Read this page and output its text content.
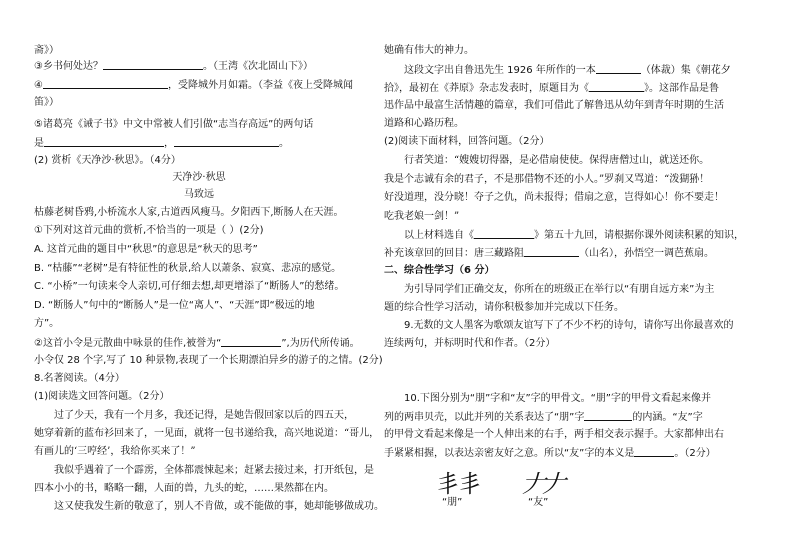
斋》）
③乡书何处达？	。（王湾《次北固山下》）
④	，受降城外月如霜。（李益《夜上受降城闻
笛》）
⑤诸葛亮《诫子书》中文中常被人们引做“志当存高远”的两句话
是	，	。
(2) 赏析《天净沙·秋思》。（4分）
天净沙·秋思
马致远
枯藤老树昏鸦,小桥流水人家,古道西风瘦马。夕阳西下,断肠人在天涯。
①下列对这首元曲的赏析,不恰当的一项是（ ）(2分)
A. 这首元曲的题目中“秋思”的意思是“秋天的思考”
B. “枯藤”“老树”是有特征性的秋景,给人以萧条、寂寞、悲凉的感觉。
C. “小桥”一句读来令人亲切,可仔细去想,却更增添了“断肠人”的愁绪。
D. “断肠人”句中的“断肠人”是一位“离人”、“天涯”即“极远的地
方”。
②这首小令是元散曲中咏景的佳作,被誉为“	”,为历代所传诵。
小令仅 28 个字,写了 10 种景物,表现了一个长期漂泊异乡的游子的之情。(2分)
8.名著阅读。（4分）
(1)阅读选文回答问题。（2分）
过了少天，我有一个月多，我还记得，是她告假回家以后的四五天，
她穿着新的蓝布衫回来了，一见面，就将一包书递给我，高兴地说道：“哥儿，
有画儿的‘三哼经’，我给你买来了！”
我似乎遇着了一个霹雳，全体都震悚起来；赶紧去接过来，打开纸包，是
四本小小的书，略略一翻，人面的兽，九头的蛇，……果然都在内。
这又使我发生新的敬意了，别人不肯做，或不能做的事，她却能够做成功。
她确有伟大的神力。
这段文字出自鲁迅先生 1926 年所作的一本	（体裁）集《朝花夕
拾》，最初在《莽原》杂志发表时，原题目为《	》。这部作品是鲁
迅作品中最富生活情趣的篇章，我们可借此了解鲁迅从幼年到青年时期的生活
道路和心路历程。
(2)阅读下面材料，回答问题。（2分）
行者笑道：“嫂嫂切得器，是必借扇使使。保得唐僧过山，就送还你。
我是个志诚有余的君子，不是那借物不还的小人。”罗刹又骂道：“泼猢狲！
好没道理，没分晓！夺子之仇，尚未报得；借扇之意，岂得如心！你不要走！
吃我老娘一剑！”
以上材料选自《	》第五十九回，请根据你课外阅读积累的知识，
补充该章回的回目：唐三藏路阻	（山名），孙悟空一调芭蕉扇。
二、综合性学习（6 分）
为引导同学们正确交友，你所在的班级正在举行以“有朋自远方来”为主
题的综合性学习活动，请你积极参加并完成以下任务。
9.无数的文人墨客为歌颂友谊写下了不少不朽的诗句，请你写出你最喜欢的
连续两句，并标明时代和作者。（2分）
10.下图分别为“朋”字和“友”字的甲骨文。“朋”字的甲骨文看起来像并
列的两串贝壳，以此并列的关系表达了“朋”字	的内涵。“友”字
的甲骨文看起来像是一个人伸出来的右手，两手相交表示握手。大家都伸出右
手紧紧相握，以表达亲密友好之意。所以“友”字的本义是	。（2分）
丯丯 𠂇𠂇
“朋”	“友”
